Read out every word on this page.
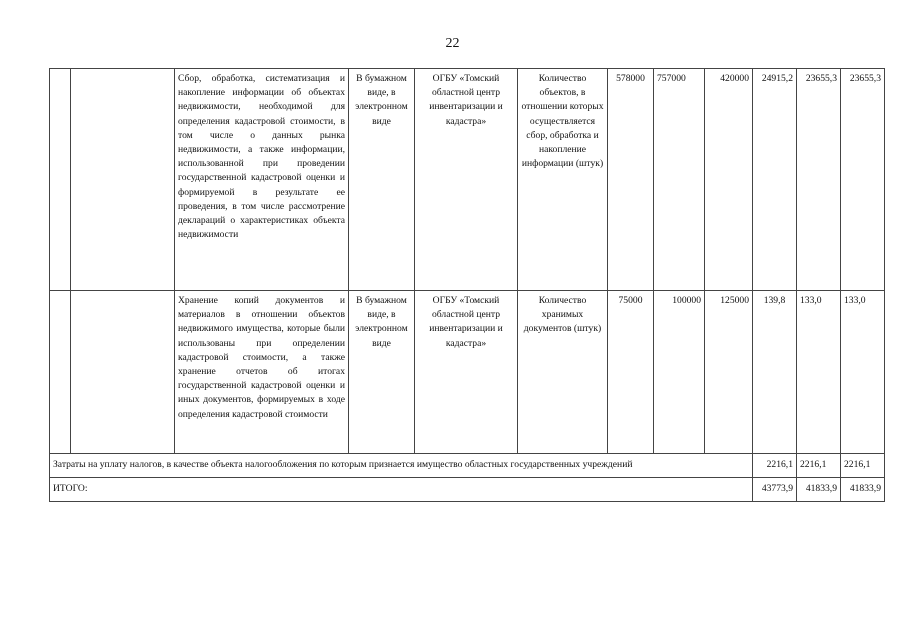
22
		Сбор, обработка, систематизация и накопление информации об объектах недвижимости, необходимой для определения кадастровой стоимости, в том числе о данных рынка недвижимости, а также информации, использованной при проведении государственной кадастровой оценки и формируемой в результате ее проведения, в том числе рассмотрение деклараций о характеристиках объекта недвижимости	В бумажном виде, в электронном виде	ОГБУ «Томский областной центр инвентаризации и кадастра»	Количество объектов, в отношении которых осуществляется сбор, обработка и накопление информации (штук)	578000	757000	420000	24915,2	23655,3	23655,3
		Хранение копий документов и материалов в отношении объектов недвижимого имущества, которые были использованы при определении кадастровой стоимости, а также хранение отчетов об итогах государственной кадастровой оценки и иных документов, формируемых в ходе определения кадастровой стоимости	В бумажном виде, в электронном виде	ОГБУ «Томский областной центр инвентаризации и кадастра»	Количество хранимых документов (штук)	75000	100000	125000	139,8	133,0	133,0
Затраты на уплату налогов, в качестве объекта налогообложения по которым признается имущество областных государственных учреждений									2216,1	2216,1	2216,1
ИТОГО:									43773,9	41833,9	41833,9
